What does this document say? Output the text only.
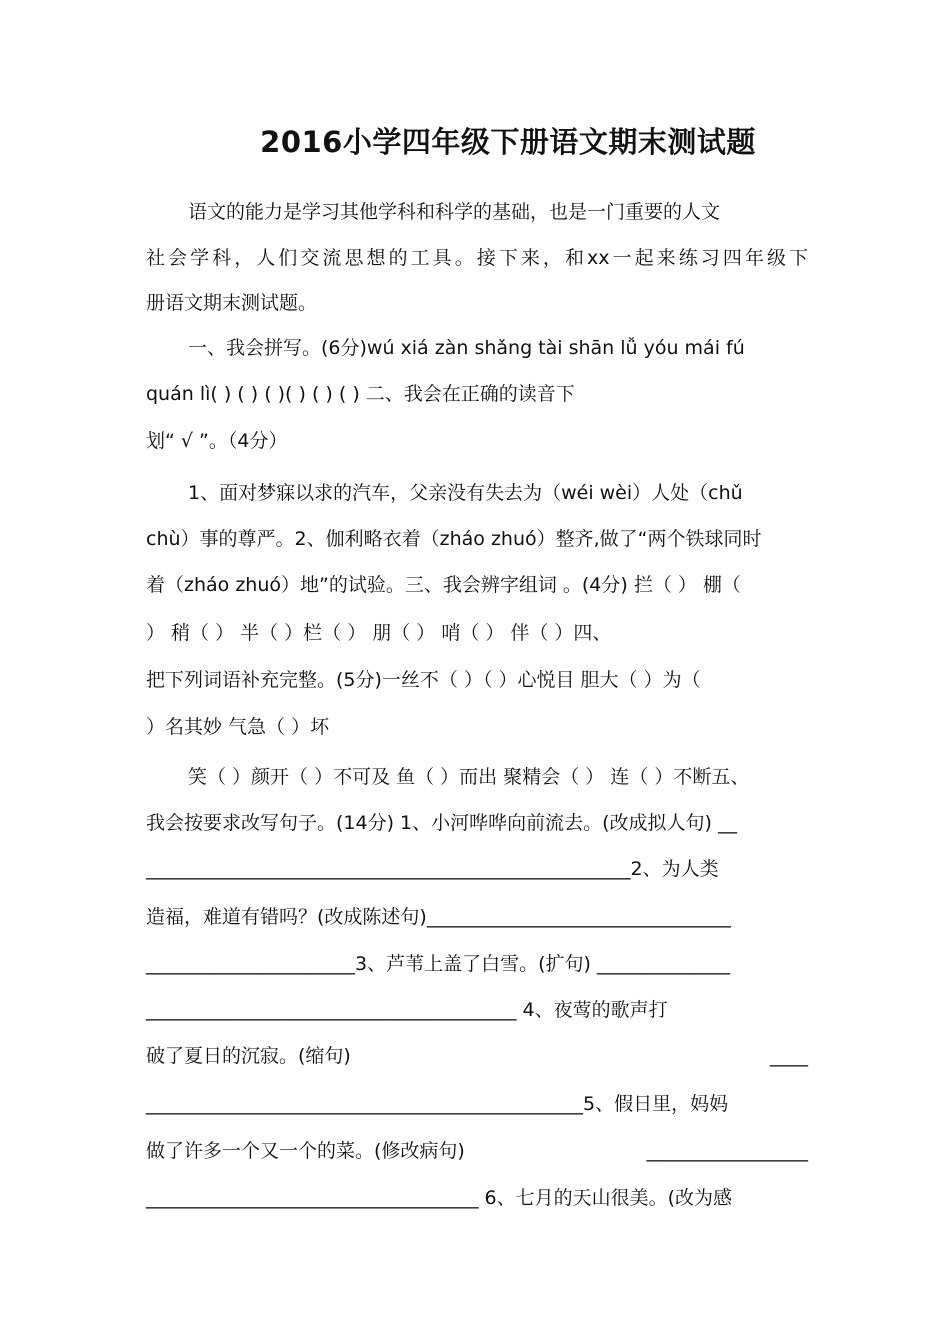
2016小学四年级下册语文期末测试题
语文的能力是学习其他学科和科学的基础，也是一门重要的人文
社会学科，人们交流思想的工具。接下来，和xx一起来练习四年级下
册语文期末测试题。
一、我会拼写。(6分)wú xiá zàn shǎng tài shān lǚ yóu mái fú
quán lì( ) ( ) ( )( ) ( ) ( ) 二、我会在正确的读音下
划“ √ ”。（4分）
1、面对梦寐以求的汽车，父亲没有失去为（wéi wèi）人处（chǔ
chù）事的尊严。2、伽利略衣着（zháo zhuó）整齐,做了“两个铁球同时
着（zháo zhuó）地”的试验。三、我会辨字组词 。(4分) 拦（ ） 棚（
） 稍（ ） 半（ ）栏（ ） 朋（ ） 哨（ ） 伴（ ）四、
把下列词语补充完整。(5分)一丝不（ ）（ ）心悦目 胆大（ ）为（
）名其妙 气急（ ）坏
笑（ ）颜开（ ）不可及 鱼（ ）而出 聚精会（ ） 连（ ）不断五、
我会按要求改写句子。(14分) 1、小河哗哗向前流去。(改成拟人句) __
___________________________________________________2、为人类
造福，难道有错吗？(改成陈述句)________________________________
______________________3、芦苇上盖了白雪。(扩句) ______________
_______________________________________ 4、夜莺的歌声打
破了夏日的沉寂。(缩句)	____
______________________________________________5、假日里，妈妈
做了许多一个又一个的菜。(修改病句)	_________________
___________________________________ 6、七月的天山很美。(改为感
